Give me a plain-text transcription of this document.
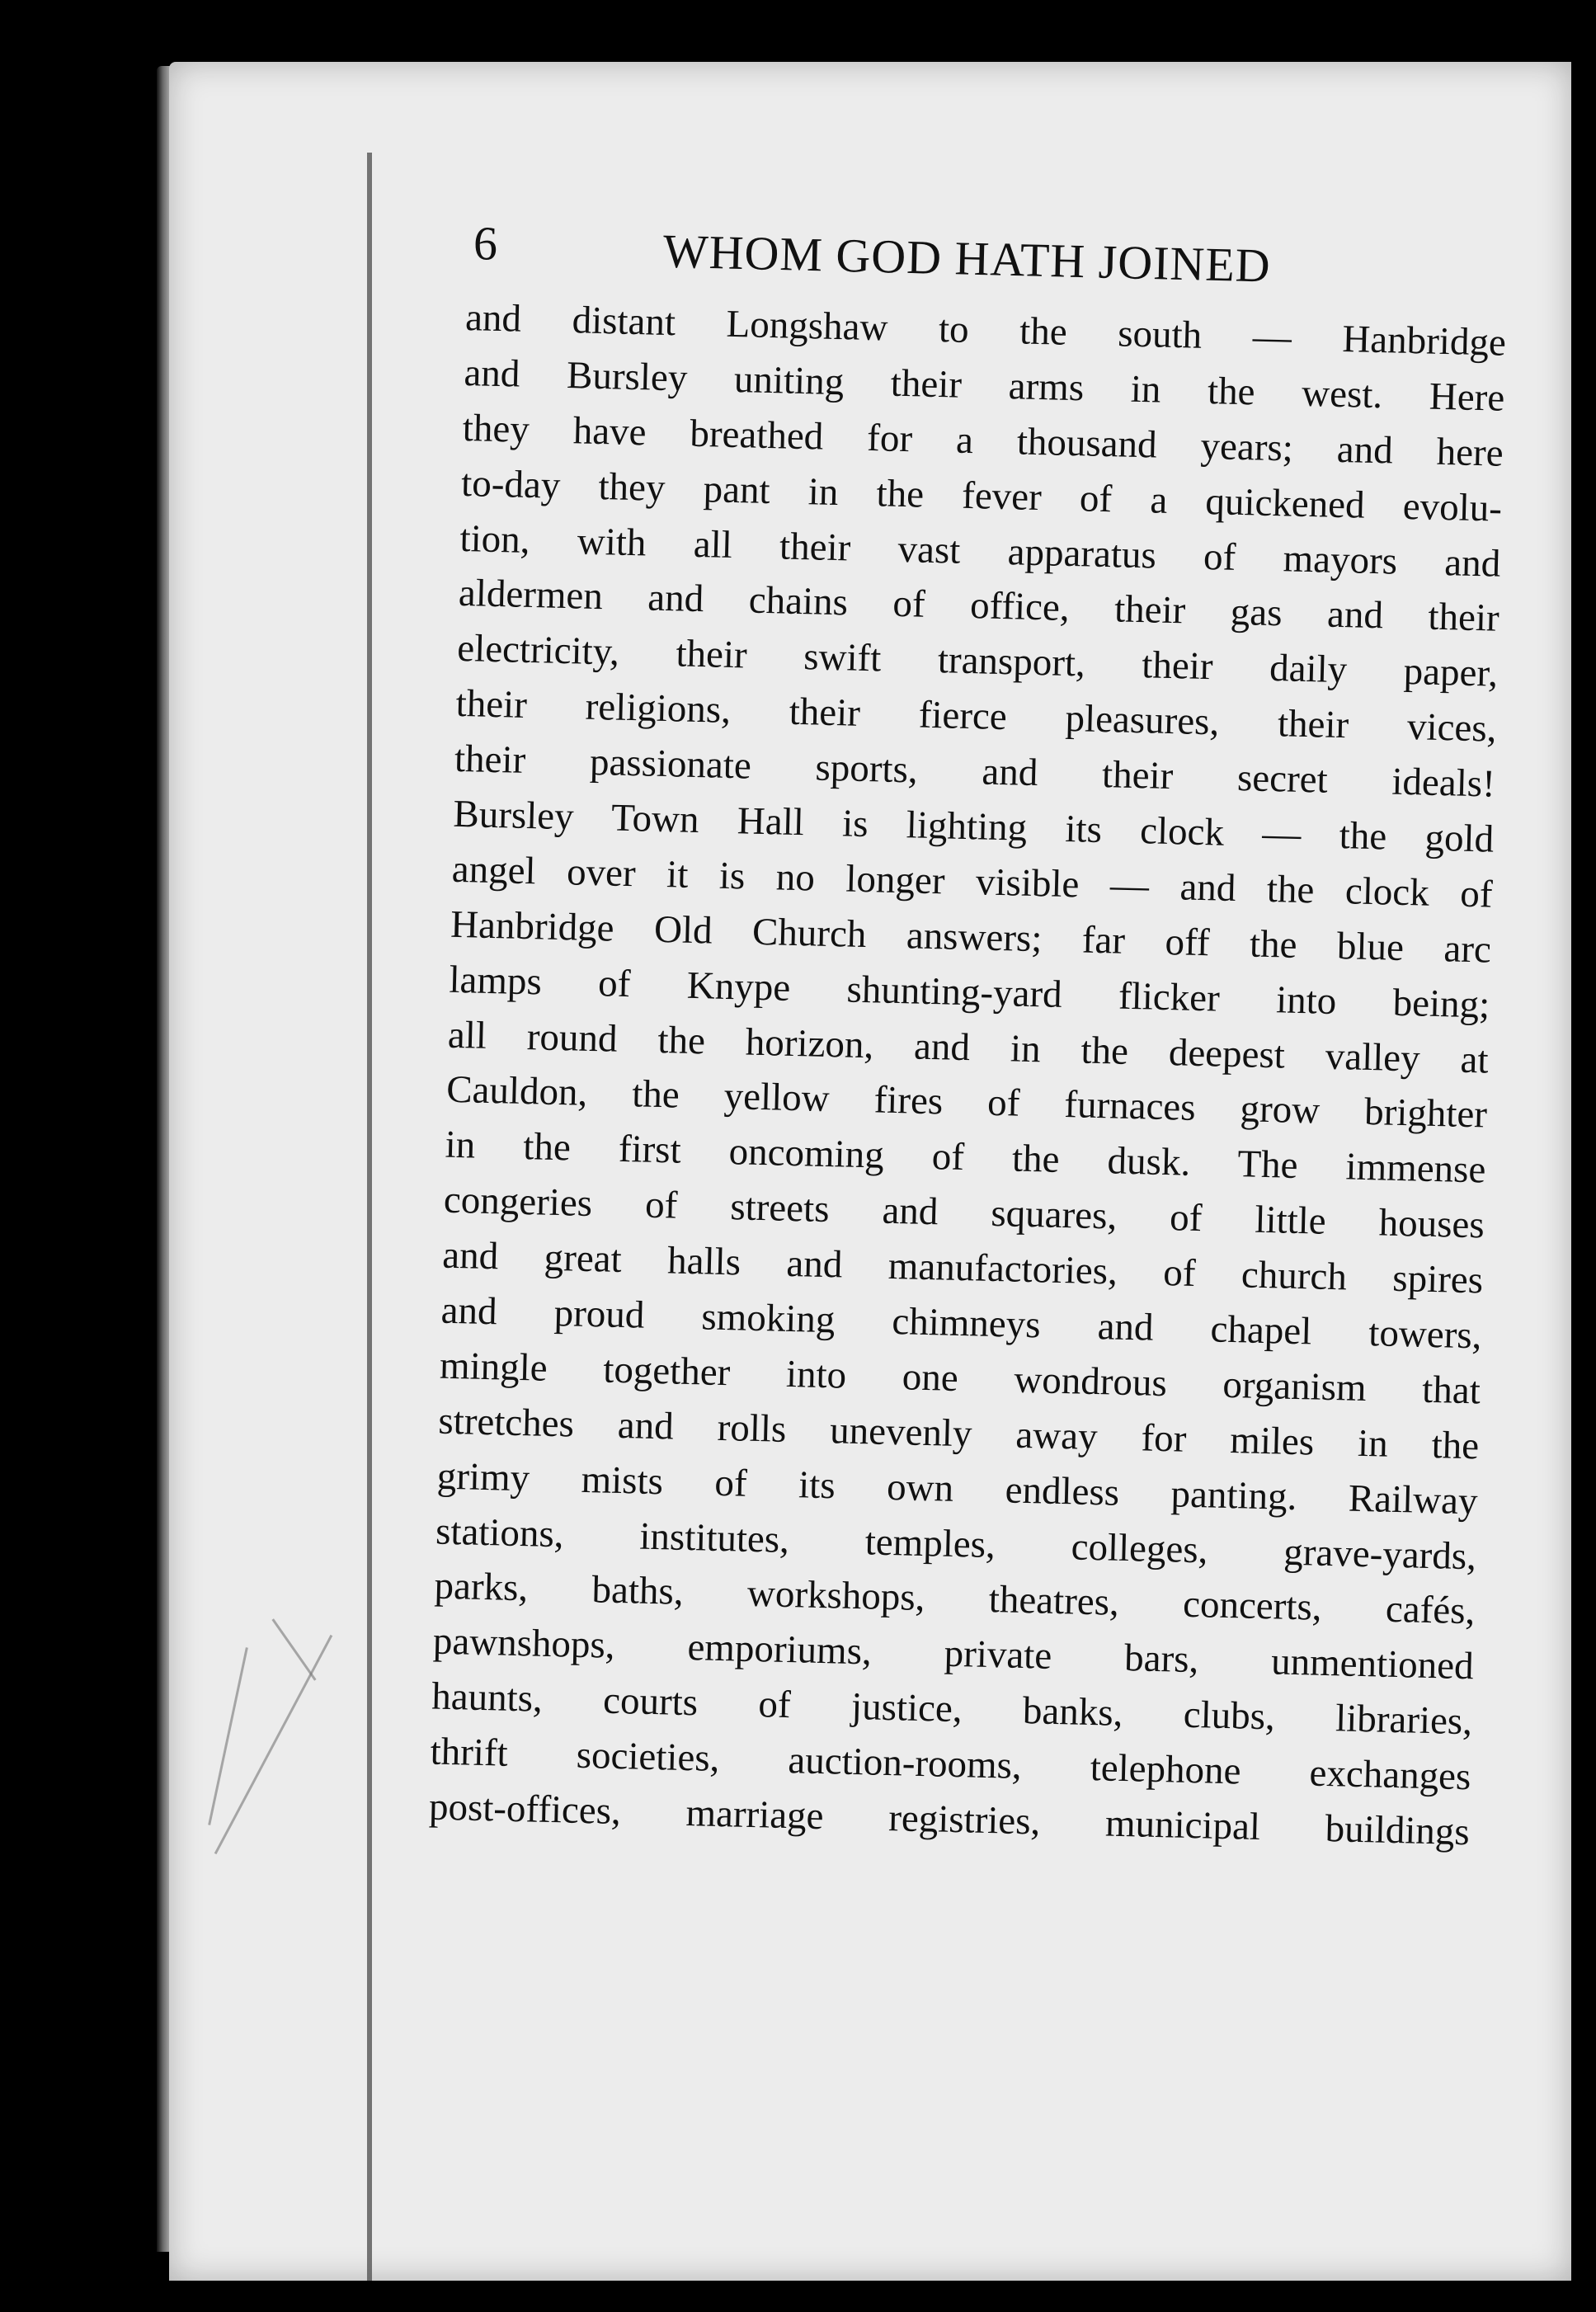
6	WHOM GOD HATH JOINED
and distant Longshaw to the south — Hanbridge
and Bursley uniting their arms in the west. Here
they have breathed for a thousand years; and here
to-day they pant in the fever of a quickened evolu-
tion, with all their vast apparatus of mayors and
aldermen and chains of office, their gas and their
electricity, their swift transport, their daily paper,
their religions, their fierce pleasures, their vices,
their passionate sports, and their secret ideals!
Bursley Town Hall is lighting its clock — the gold
angel over it is no longer visible — and the clock of
Hanbridge Old Church answers; far off the blue arc
lamps of Knype shunting-yard flicker into being;
all round the horizon, and in the deepest valley at
Cauldon, the yellow fires of furnaces grow brighter
in the first oncoming of the dusk. The immense
congeries of streets and squares, of little houses
and great halls and manufactories, of church spires
and proud smoking chimneys and chapel towers,
mingle together into one wondrous organism that
stretches and rolls unevenly away for miles in the
grimy mists of its own endless panting. Railway
stations, institutes, temples, colleges, grave-yards,
parks, baths, workshops, theatres, concerts, cafés,
pawnshops, emporiums, private bars, unmentioned
haunts, courts of justice, banks, clubs, libraries,
thrift societies, auction-rooms, telephone exchanges
post-offices, marriage registries, municipal buildings
